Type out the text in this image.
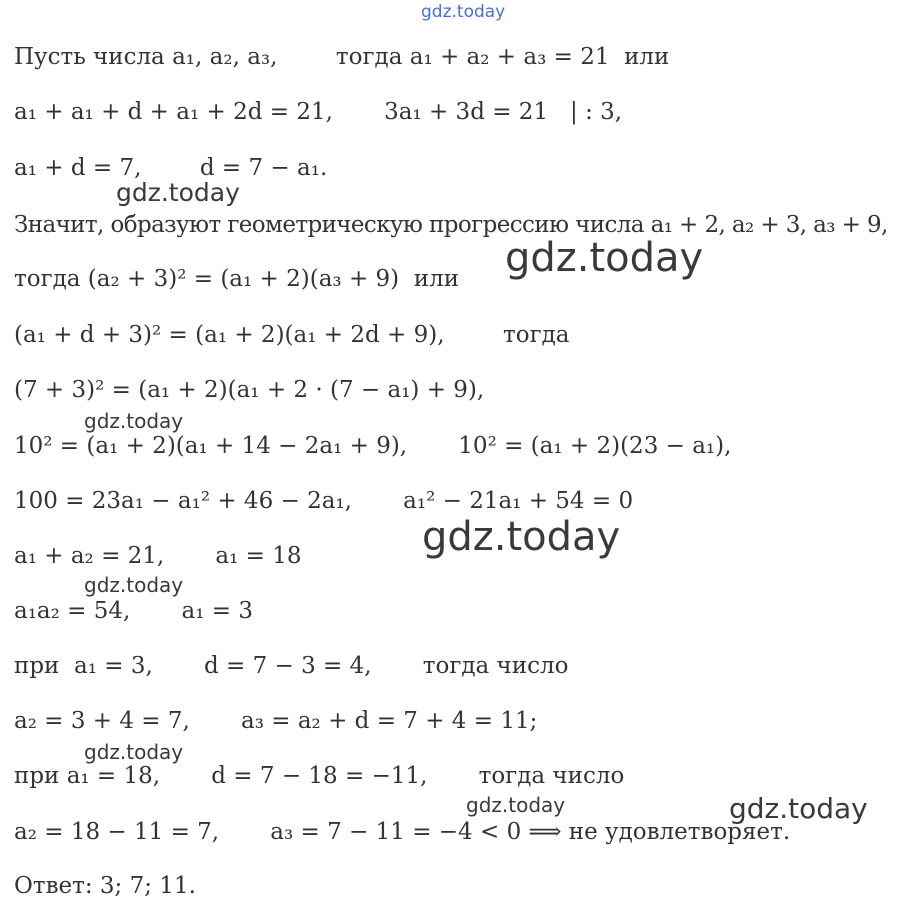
gdz.today
gdz.today
gdz.today
gdz.today
gdz.today
gdz.today
gdz.today
gdz.today	gdz.today
Пусть числа a₁, a₂, a₃,        тогда a₁ + a₂ + a₃ = 21  или
a₁ + a₁ + d + a₁ + 2d = 21,       3a₁ + 3d = 21   | : 3,
a₁ + d = 7,        d = 7 − a₁.
Значит, образуют геометрическую прогрессию числа a₁ + 2, a₂ + 3, a₃ + 9,
тогда (a₂ + 3)² = (a₁ + 2)(a₃ + 9)  или
(a₁ + d + 3)² = (a₁ + 2)(a₁ + 2d + 9),        тогда
(7 + 3)² = (a₁ + 2)(a₁ + 2 · (7 − a₁) + 9),
10² = (a₁ + 2)(a₁ + 14 − 2a₁ + 9),       10² = (a₁ + 2)(23 − a₁),
100 = 23a₁ − a₁² + 46 − 2a₁,       a₁² − 21a₁ + 54 = 0
a₁ + a₂ = 21,       a₁ = 18
a₁a₂ = 54,       a₁ = 3
при  a₁ = 3,       d = 7 − 3 = 4,       тогда число
a₂ = 3 + 4 = 7,       a₃ = a₂ + d = 7 + 4 = 11;
при a₁ = 18,       d = 7 − 18 = −11,       тогда число
a₂ = 18 − 11 = 7,       a₃ = 7 − 11 = −4 < 0 ⟹ не удовлетворяет.
Ответ: 3; 7; 11.
